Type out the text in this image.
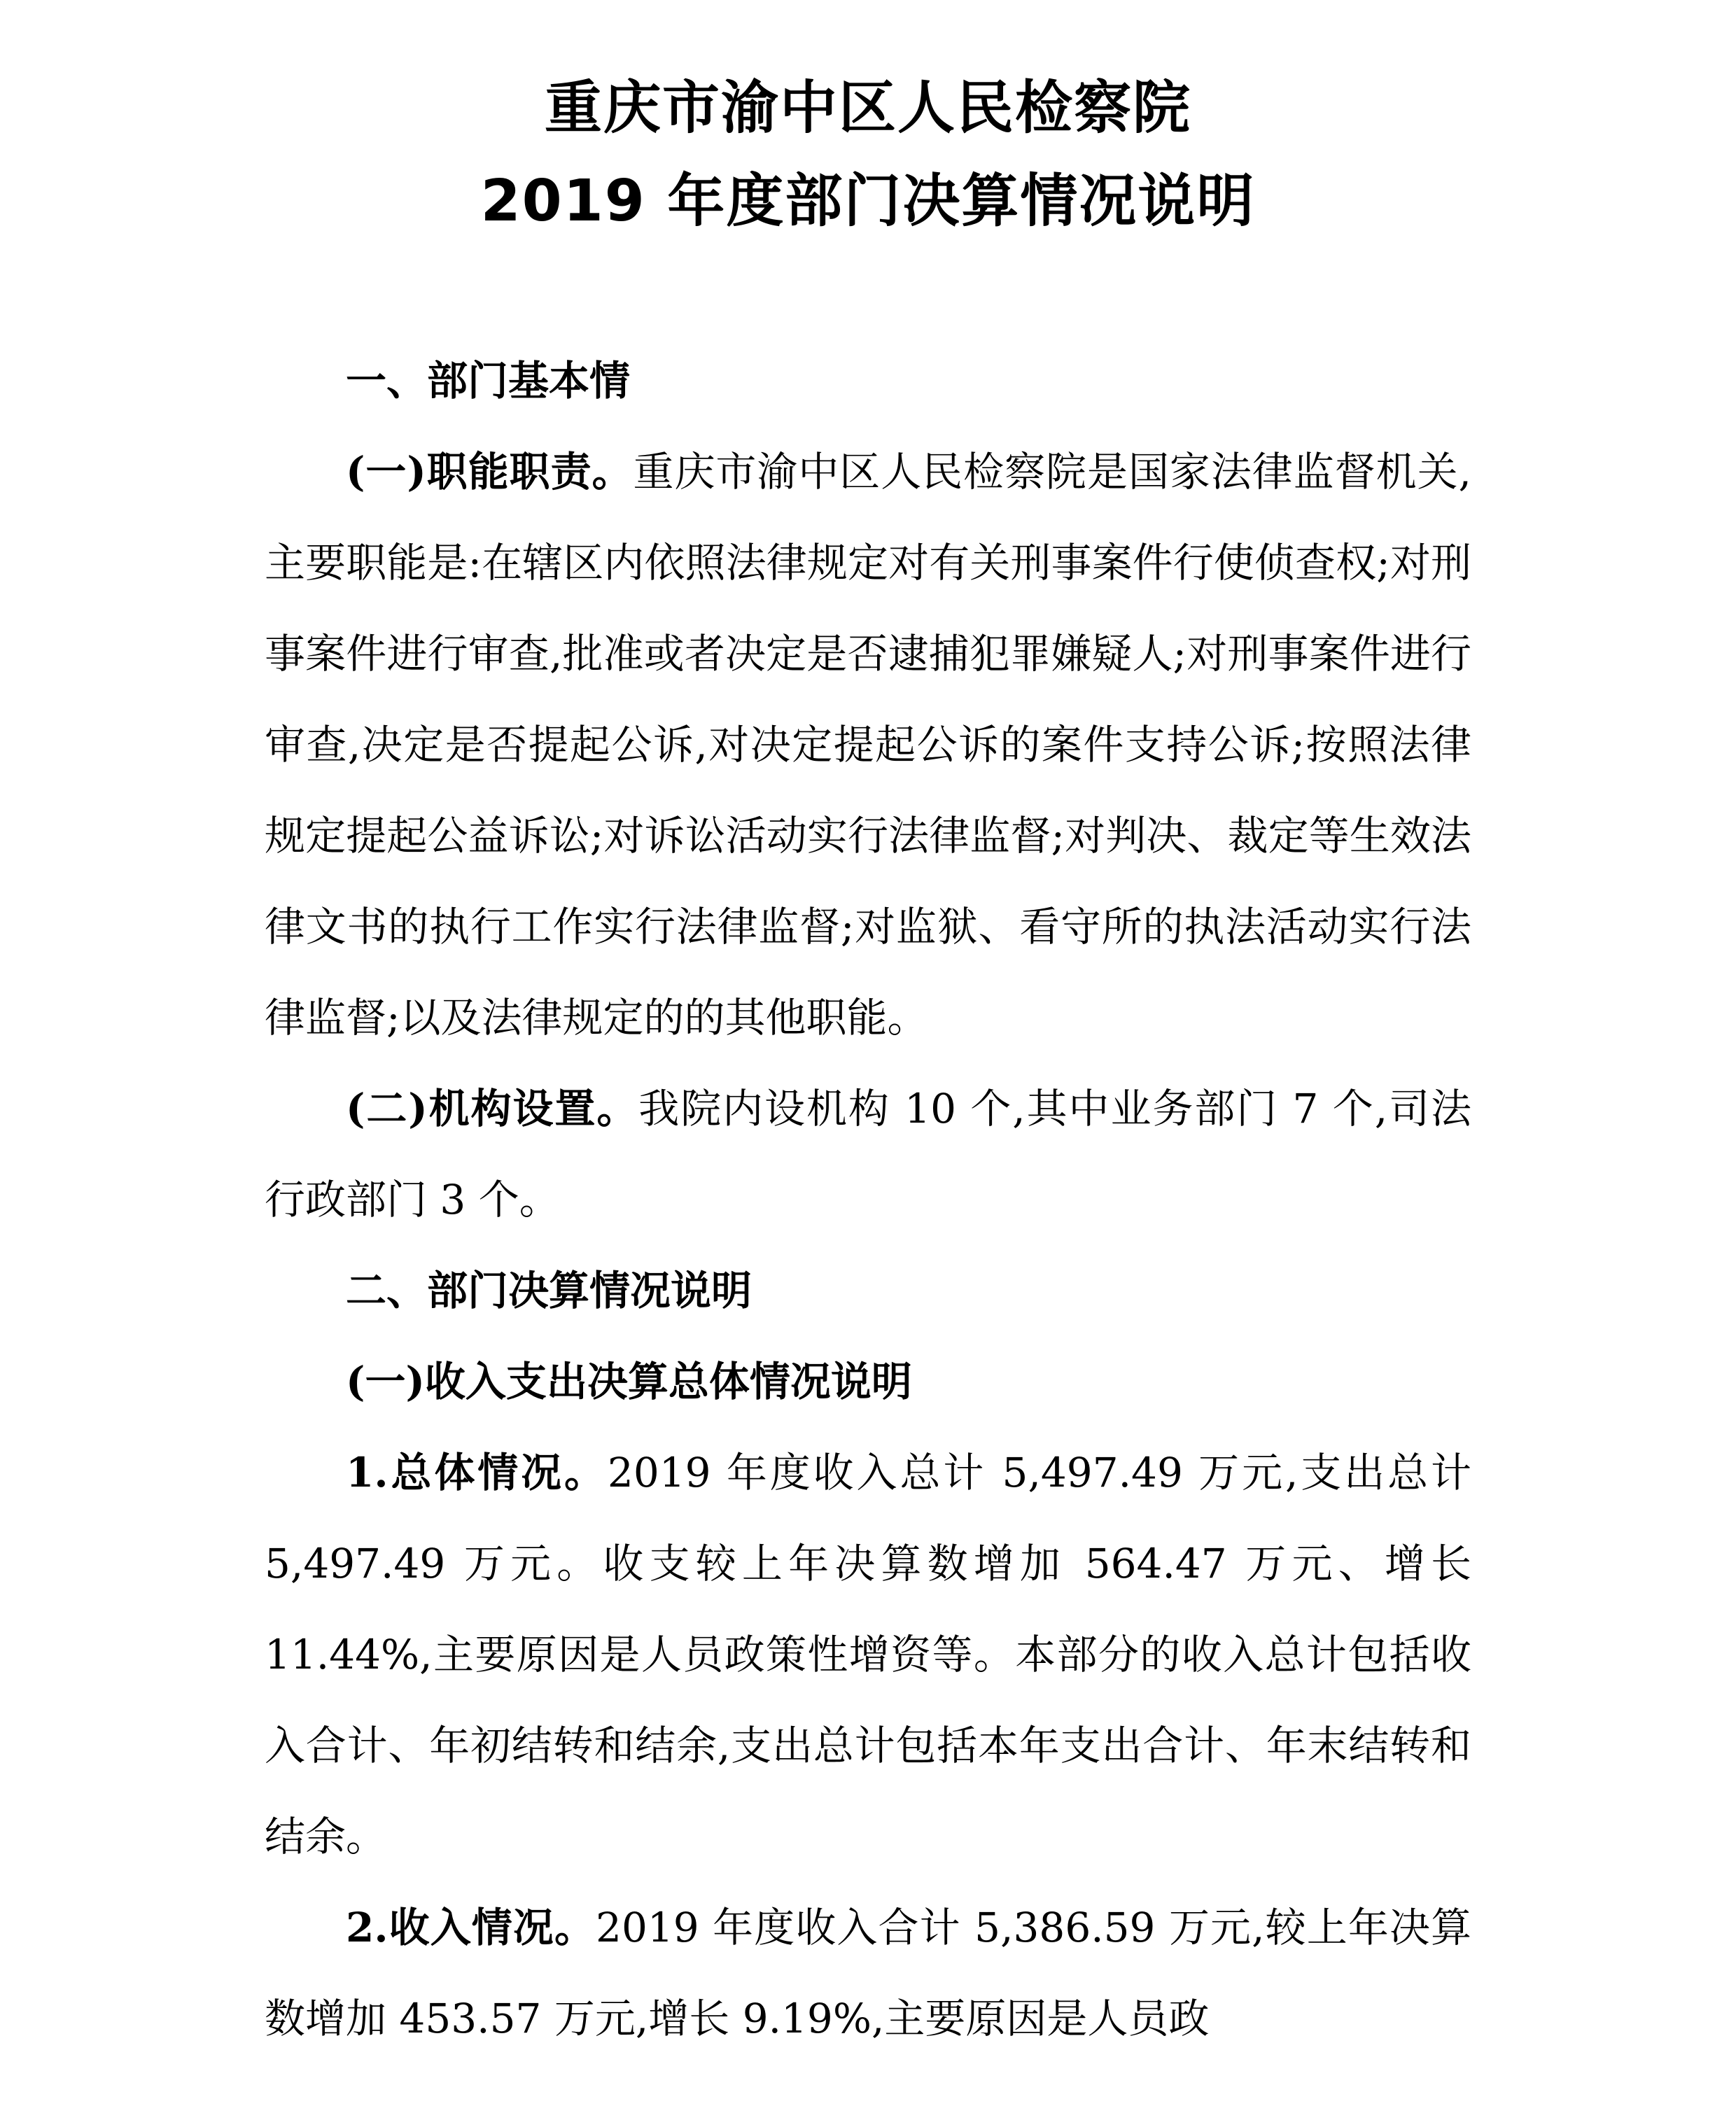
重庆市渝中区人民检察院
2019 年度部门决算情况说明

一、部门基本情

(一)职能职责。重庆市渝中区人民检察院是国家法律监督机关,主要职能是:在辖区内依照法律规定对有关刑事案件行使侦查权;对刑事案件进行审查,批准或者决定是否逮捕犯罪嫌疑人;对刑事案件进行审查,决定是否提起公诉,对决定提起公诉的案件支持公诉;按照法律规定提起公益诉讼;对诉讼活动实行法律监督;对判决、裁定等生效法律文书的执行工作实行法律监督;对监狱、看守所的执法活动实行法律监督;以及法律规定的的其他职能。

(二)机构设置。我院内设机构 10 个,其中业务部门 7 个,司法行政部门 3 个。

二、部门决算情况说明

(一)收入支出决算总体情况说明

1.总体情况。2019 年度收入总计 5,497.49 万元,支出总计 5,497.49 万元。收支较上年决算数增加 564.47 万元、增长 11.44%,主要原因是人员政策性增资等。本部分的收入总计包括收入合计、年初结转和结余,支出总计包括本年支出合计、年末结转和结余。

2.收入情况。2019 年度收入合计 5,386.59 万元,较上年决算数增加 453.57 万元,增长 9.19%,主要原因是人员政
